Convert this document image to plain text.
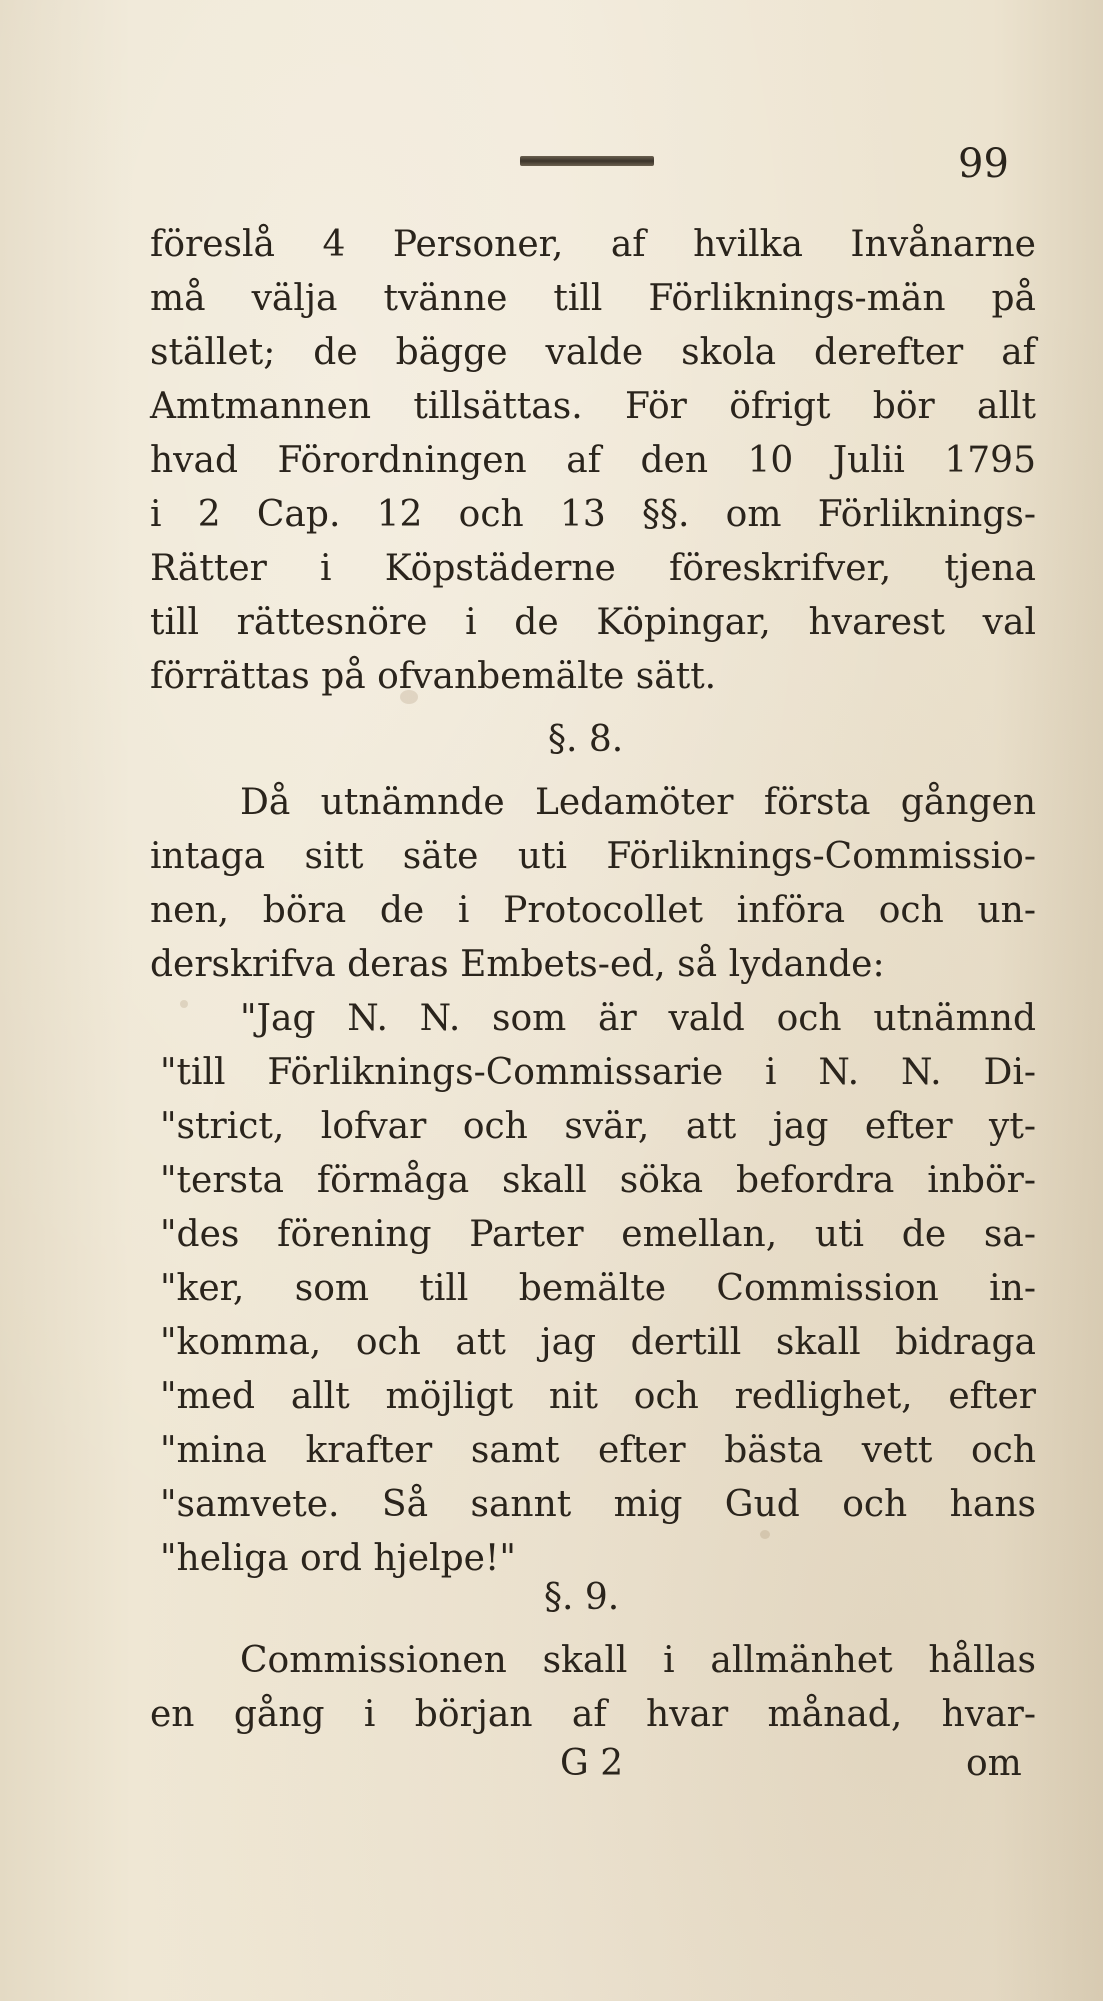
99
föreslå 4 Personer, af hvilka Invånarne
må välja tvänne till Förliknings-män på
stället; de bägge valde skola derefter af
Amtmannen tillsättas. För öfrigt bör allt
hvad Förordningen af den 10 Julii 1795
i 2 Cap. 12 och 13 §§. om Förliknings-
Rätter i Köpstäderne föreskrifver, tjena
till rättesnöre i de Köpingar, hvarest val
förrättas på ofvanbemälte sätt.
§. 8.
Då utnämnde Ledamöter första gången
intaga sitt säte uti Förliknings-Commissio-
nen, böra de i Protocollet införa och un-
derskrifva deras Embets-ed, så lydande:
"Jag N. N. som är vald och utnämnd
"till Förliknings-Commissarie i N. N. Di-
"strict, lofvar och svär, att jag efter yt-
"tersta förmåga skall söka befordra inbör-
"des förening Parter emellan, uti de sa-
"ker, som till bemälte Commission in-
"komma, och att jag dertill skall bidraga
"med allt möjligt nit och redlighet, efter
"mina krafter samt efter bästa vett och
"samvete. Så sannt mig Gud och hans
"heliga ord hjelpe!"
§. 9.
Commissionen skall i allmänhet hållas
en gång i början af hvar månad, hvar-
G 2	om
